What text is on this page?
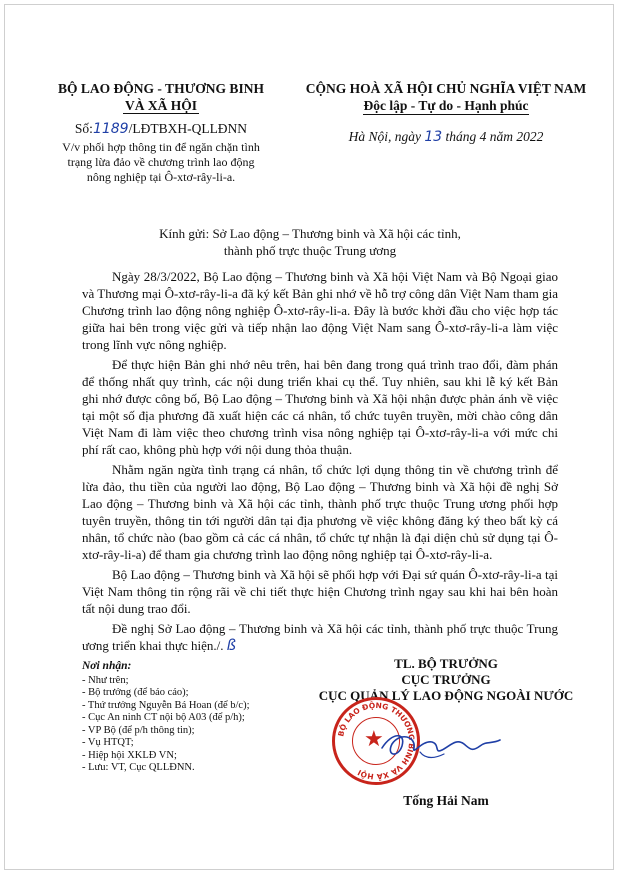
BỘ LAO ĐỘNG - THƯƠNG BINH
VÀ XÃ HỘI
Số:1189/LĐTBXH-QLLĐNN
V/v phối hợp thông tin để ngăn chặn tình
trạng lừa đảo về chương trình lao động
nông nghiệp tại Ô-xtơ-rây-li-a.
CỘNG HOÀ XÃ HỘI CHỦ NGHĨA VIỆT NAM
Độc lập - Tự do - Hạnh phúc
Hà Nội, ngày 13 tháng 4 năm 2022
Kính gửi: Sở Lao động – Thương binh và Xã hội các tỉnh,
thành phố trực thuộc Trung ương

Ngày 28/3/2022, Bộ Lao động – Thương binh và Xã hội Việt Nam và Bộ Ngoại giao và Thương mại Ô-xtơ-rây-li-a đã ký kết Bản ghi nhớ về hỗ trợ công dân Việt Nam tham gia Chương trình lao động nông nghiệp Ô-xtơ-rây-li-a. Đây là bước khởi đầu cho việc hợp tác giữa hai bên trong việc gửi và tiếp nhận lao động Việt Nam sang Ô-xtơ-rây-li-a làm việc trong lĩnh vực nông nghiệp.

Để thực hiện Bản ghi nhớ nêu trên, hai bên đang trong quá trình trao đổi, đàm phán để thống nhất quy trình, các nội dung triển khai cụ thể. Tuy nhiên, sau khi lễ ký kết Bản ghi nhớ được công bố, Bộ Lao động – Thương binh và Xã hội nhận được phản ánh về việc tại một số địa phương đã xuất hiện các cá nhân, tổ chức tuyên truyền, mời chào công dân Việt Nam đi làm việc theo chương trình visa nông nghiệp tại Ô-xtơ-rây-li-a với mức chi phí rất cao, không phù hợp với nội dung thỏa thuận.

Nhằm ngăn ngừa tình trạng cá nhân, tổ chức lợi dụng thông tin về chương trình để lừa đảo, thu tiền của người lao động, Bộ Lao động – Thương binh và Xã hội đề nghị Sở Lao động – Thương binh và Xã hội các tỉnh, thành phố trực thuộc Trung ương phối hợp tuyên truyền, thông tin tới người dân tại địa phương về việc không đăng ký theo bất kỳ cá nhân, tổ chức nào (bao gồm cả các cá nhân, tổ chức tự nhận là đại diện chủ sử dụng tại Ô-xtơ-rây-li-a) để tham gia chương trình lao động nông nghiệp tại Ô-xtơ-rây-li-a.

Bộ Lao động – Thương binh và Xã hội sẽ phối hợp với Đại sứ quán Ô-xtơ-rây-li-a tại Việt Nam thông tin rộng rãi về chi tiết thực hiện Chương trình ngay sau khi hai bên hoàn tất nội dung trao đổi.

Đề nghị Sở Lao động – Thương binh và Xã hội các tỉnh, thành phố trực thuộc Trung ương triển khai thực hiện./. ß

Nơi nhận:
- Như trên;
- Bộ trưởng (để báo cáo);
- Thứ trưởng Nguyễn Bá Hoan (để b/c);
- Cục An ninh CT nội bộ A03 (để p/h);
- VP Bộ (để p/h thông tin);
- Vụ HTQT;
- Hiệp hội XKLĐ VN;
- Lưu: VT, Cục QLLĐNN.
TL. BỘ TRƯỞNG
CỤC TRƯỞNG
CỤC QUẢN LÝ LAO ĐỘNG NGOÀI NƯỚC
★
BỘ LAO ĐỘNG THƯƠNG BINH VÀ XÃ HỘI
Tống Hải Nam
